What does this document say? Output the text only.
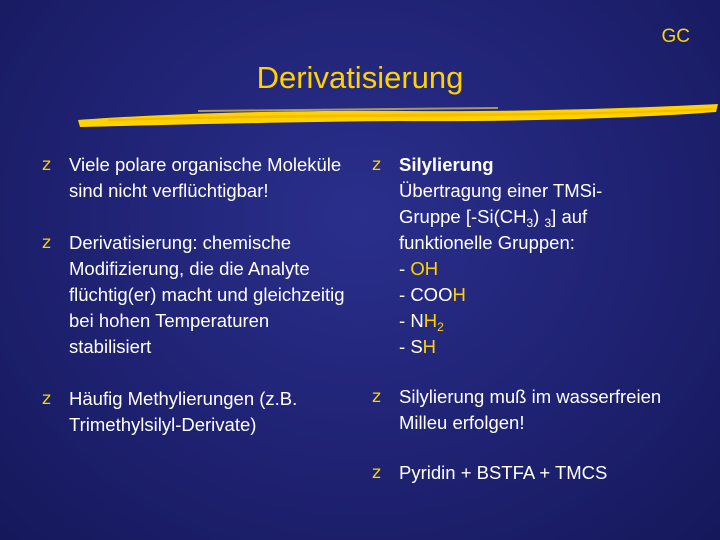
GC
Derivatisierung

z Viele polare organische Moleküle sind nicht verflüchtigbar!

z Derivatisierung: chemische Modifizierung, die die Analyte flüchtig(er) macht und gleichzeitig bei hohen Temperaturen stabilisiert

z Häufig Methylierungen (z.B. Trimethylsilyl-Derivate)

z Silylierung
Übertragung einer TMSi-
Gruppe [$-Si(CH_3)$ $_3$] auf
funktionelle Gruppen:
- OH
- COOH
- $NH_2$
- SH

z Silylierung muß im wasserfreien Milleu erfolgen!

z Pyridin + BSTFA + TMCS
